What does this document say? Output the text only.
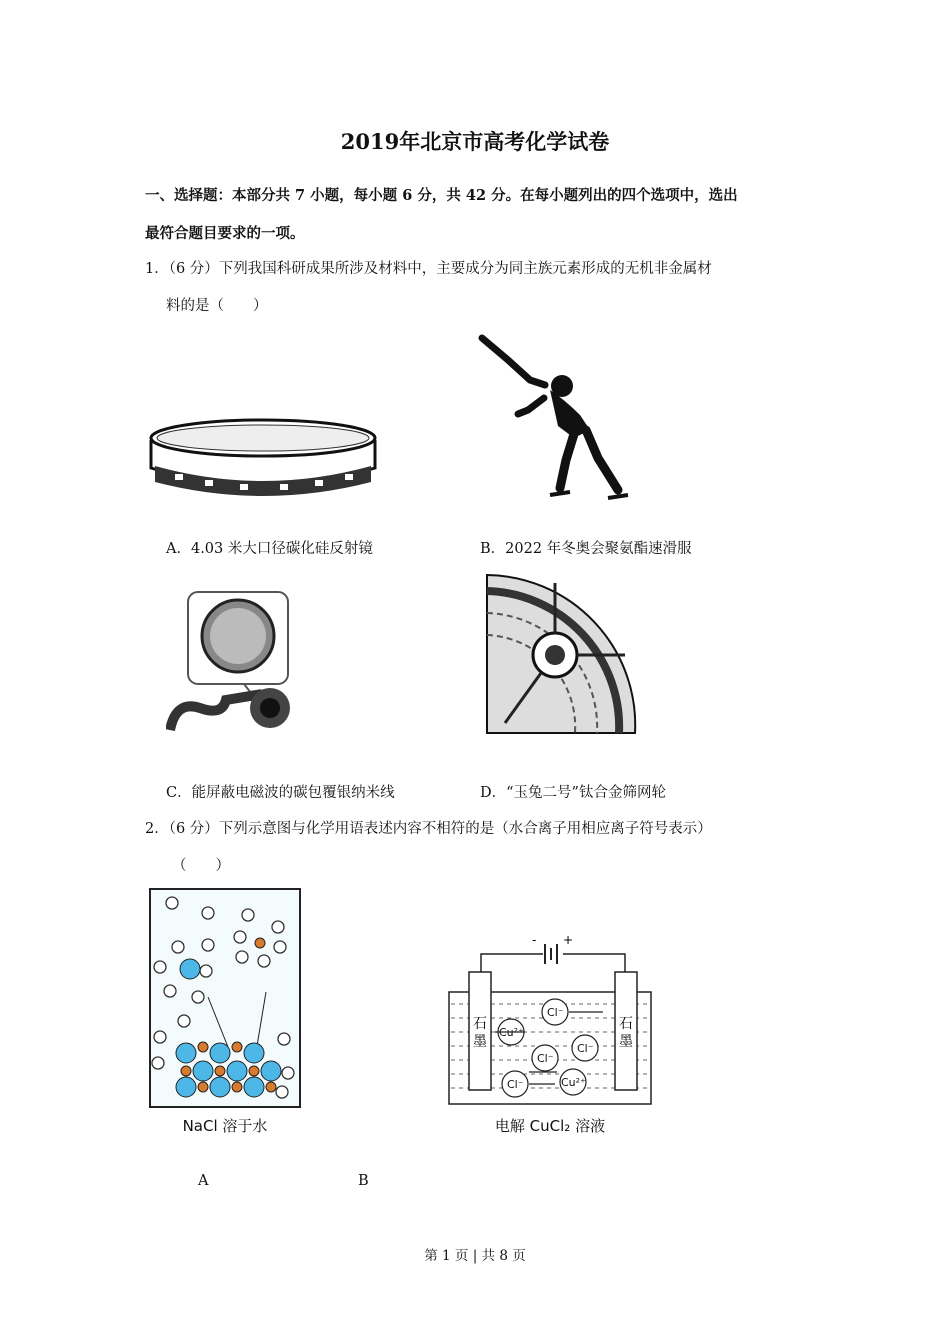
2019年北京市高考化学试卷
一、选择题：本部分共 7 小题，每小题 6 分，共 42 分。在每小题列出的四个选项中，选出
最符合题目要求的一项。
1．（6 分）下列我国科研成果所涉及材料中，主要成分为同主族元素形成的无机非金属材
料的是（　　）
A．4.03 米大口径碳化硅反射镜	B．2022 年冬奥会聚氨酯速滑服
C．能屏蔽电磁波的碳包覆银纳米线	D．“玉兔二号”钛合金筛网轮
2．（6 分）下列示意图与化学用语表述内容不相符的是（水合离子用相应离子符号表示）
（　　）
NaCl 溶于水
- +
石
墨
石
墨
Cu²⁺
Cl⁻
Cl⁻
Cl⁻
Cl⁻	Cu²⁺
电解 CuCl₂ 溶液
A	B
第 1 页 | 共 8 页
